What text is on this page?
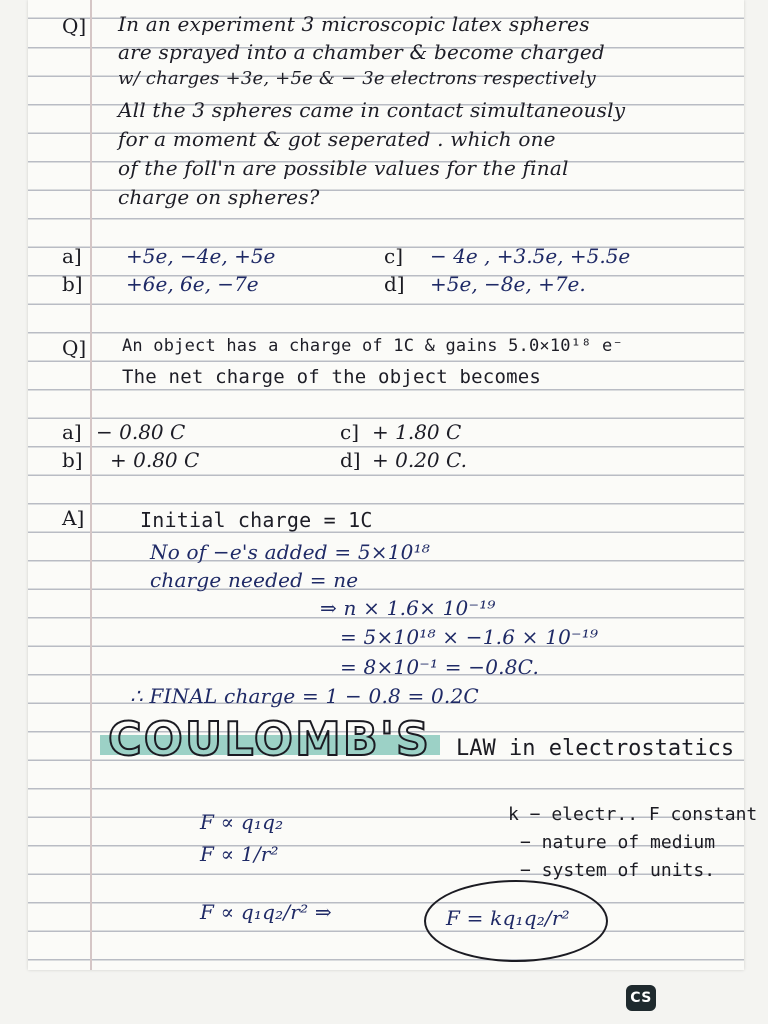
Q] In an experiment 3 microscopic latex spheres
are sprayed into a chamber & become charged
w/ charges +3e, +5e & − 3e electrons respectively
All the 3 spheres came in contact simultaneously
for a moment & got seperated . which one
of the foll'n are possible values for the final
charge on spheres?
a] +5e, −4e, +5e
b] +6e, 6e, −7e
c] − 4e , +3.5e, +5.5e
d] +5e, −8e, +7e.
Q] An object has a charge of 1C & gains 5.0×10¹⁸ e⁻
The net charge of the object becomes
a] − 0.80 C
b] + 0.80 C
c] + 1.80 C
d] + 0.20 C.
A]	Initial charge = 1C
No of −e's added = 5×10¹⁸
charge needed = ne
⇒ n × 1.6× 10⁻¹⁹
= 5×10¹⁸ × −1.6 × 10⁻¹⁹
= 8×10⁻¹ = −0.8C.
∴ FINAL charge = 1 − 0.8 = 0.2C
COULOMB'S LAW in electrostatics
F ∝ q₁q₂
F ∝ 1/r²
F ∝ q₁q₂/r² ⇒	F = kq₁q₂/r²
k − electr.. F constant
− nature of medium
− system of units.
CS
